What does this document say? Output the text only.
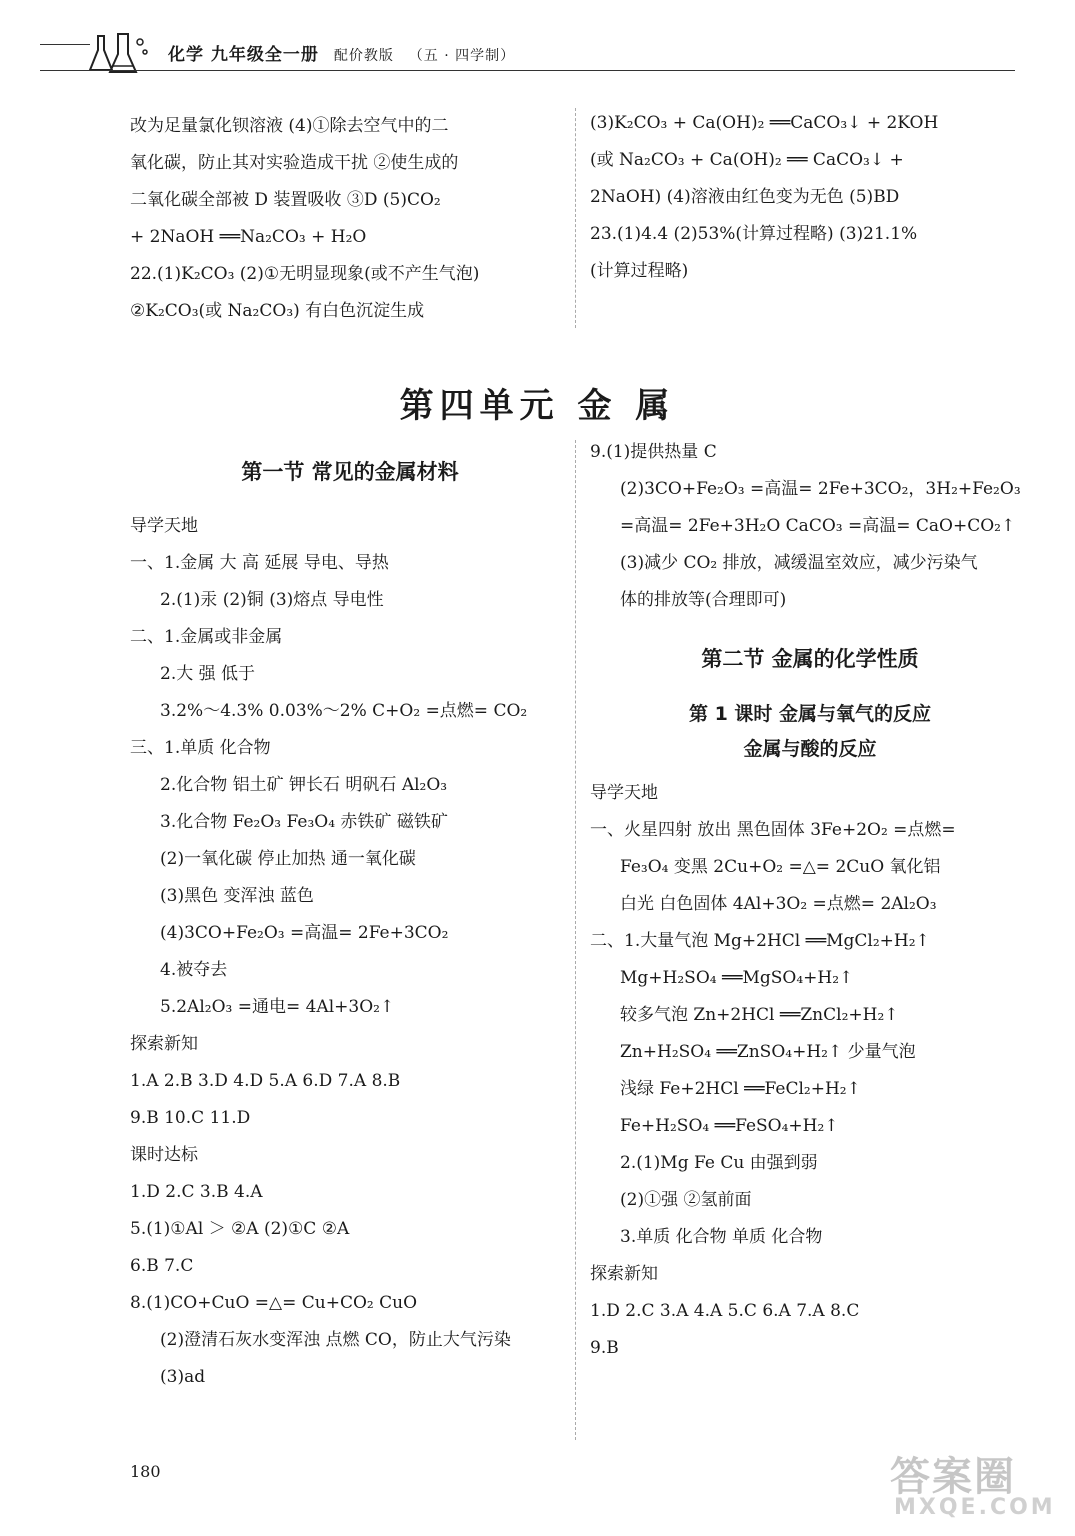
化学 九年级全一册 配价教版 （五 · 四学制）
改为足量氯化钡溶液 (4)①除去空气中的二
氧化碳，防止其对实验造成干扰 ②使生成的
二氧化碳全部被 D 装置吸收 ③D (5)CO₂
+ 2NaOH ══Na₂CO₃ + H₂O
22.(1)K₂CO₃ (2)①无明显现象(或不产生气泡)
②K₂CO₃(或 Na₂CO₃) 有白色沉淀生成
(3)K₂CO₃ + Ca(OH)₂ ══CaCO₃↓ + 2KOH
(或 Na₂CO₃ + Ca(OH)₂ ══ CaCO₃↓ +
2NaOH) (4)溶液由红色变为无色 (5)BD
23.(1)4.4 (2)53%(计算过程略) (3)21.1%
(计算过程略)
第四单元 金 属
第一节 常见的金属材料
导学天地
一、1.金属 大 高 延展 导电、导热
2.(1)汞 (2)铜 (3)熔点 导电性
二、1.金属或非金属
2.大 强 低于
3.2%～4.3% 0.03%～2% C+O₂ =点燃= CO₂
三、1.单质 化合物
2.化合物 铝土矿 钾长石 明矾石 Al₂O₃
3.化合物 Fe₂O₃ Fe₃O₄ 赤铁矿 磁铁矿
(2)一氧化碳 停止加热 通一氧化碳
(3)黑色 变浑浊 蓝色
(4)3CO+Fe₂O₃ =高温= 2Fe+3CO₂
4.被夺去
5.2Al₂O₃ =通电= 4Al+3O₂↑
探索新知
1.A 2.B 3.D 4.D 5.A 6.D 7.A 8.B
9.B 10.C 11.D
课时达标
1.D 2.C 3.B 4.A
5.(1)①Al ＞ ②A (2)①C ②A
6.B 7.C
8.(1)CO+CuO =△= Cu+CO₂ CuO
(2)澄清石灰水变浑浊 点燃 CO，防止大气污染
(3)ad
9.(1)提供热量 C
(2)3CO+Fe₂O₃ =高温= 2Fe+3CO₂，3H₂+Fe₂O₃
=高温= 2Fe+3H₂O CaCO₃ =高温= CaO+CO₂↑
(3)减少 CO₂ 排放，减缓温室效应，减少污染气
体的排放等(合理即可)
第二节 金属的化学性质
第 1 课时 金属与氧气的反应
金属与酸的反应
导学天地
一、火星四射 放出 黑色固体 3Fe+2O₂ =点燃=
Fe₃O₄ 变黑 2Cu+O₂ =△= 2CuO 氧化铝
白光 白色固体 4Al+3O₂ =点燃= 2Al₂O₃
二、1.大量气泡 Mg+2HCl ══MgCl₂+H₂↑
Mg+H₂SO₄ ══MgSO₄+H₂↑
较多气泡 Zn+2HCl ══ZnCl₂+H₂↑
Zn+H₂SO₄ ══ZnSO₄+H₂↑ 少量气泡
浅绿 Fe+2HCl ══FeCl₂+H₂↑
Fe+H₂SO₄ ══FeSO₄+H₂↑
2.(1)Mg Fe Cu 由强到弱
(2)①强 ②氢前面
3.单质 化合物 单质 化合物
探索新知
1.D 2.C 3.A 4.A 5.C 6.A 7.A 8.C
9.B
180	答案圈
MXQE.COM
